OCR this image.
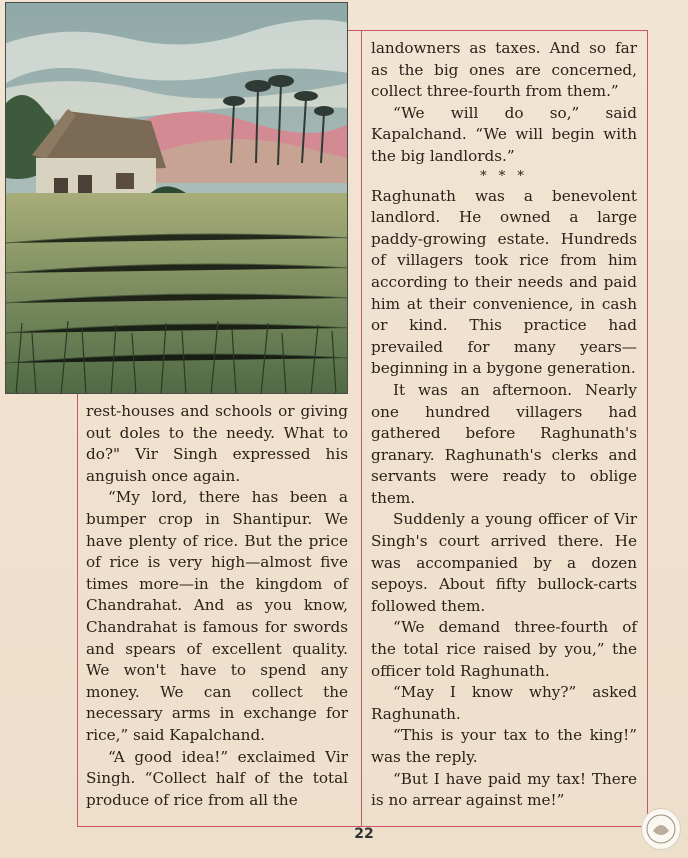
rest-houses and schools or giving out doles to the needy. What to do?" Vir Singh expressed his anguish once again.

“My lord, there has been a bumper crop in Shantipur. We have plenty of rice. But the price of rice is very high—almost five times more—in the kingdom of Chandrahat. And as you know, Chandrahat is famous for swords and spears of excellent quality. We won't have to spend any money. We can collect the necessary arms in exchange for rice,” said Kapalchand.

“A good idea!” exclaimed Vir Singh. “Collect half of the total produce of rice from all the

landowners as taxes. And so far as the big ones are concerned, collect three-fourth from them.”

“We will do so,” said Kapalchand. “We will begin with the big landlords.”

* * *

Raghunath was a benevolent landlord. He owned a large paddy-growing estate. Hundreds of villagers took rice from him according to their needs and paid him at their convenience, in cash or kind. This practice had prevailed for many years—beginning in a bygone generation.

It was an afternoon. Nearly one hundred villagers had gathered before Raghunath's granary. Raghunath's clerks and servants were ready to oblige them.

Suddenly a young officer of Vir Singh's court arrived there. He was accompanied by a dozen sepoys. About fifty bullock-carts followed them.

“We demand three-fourth of the total rice raised by you,” the officer told Raghunath.

“May I know why?” asked Raghunath.

“This is your tax to the king!” was the reply.

“But I have paid my tax! There is no arrear against me!”

22
